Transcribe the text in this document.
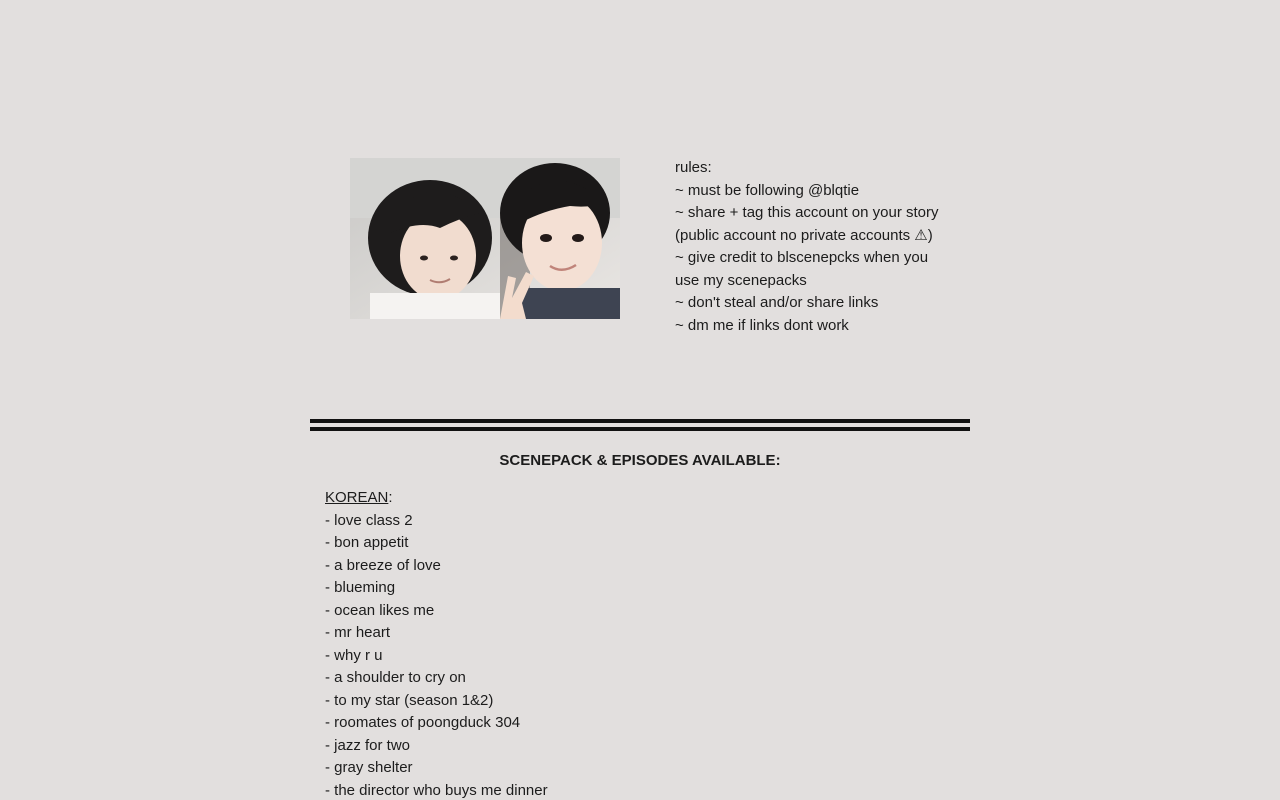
rules:
~ must be following @blqtie
~ share + tag this account on your story (public account no private accounts ⚠)
~ give credit to blscenepcks when you use my scenepacks
~ don't steal and/or share links
~ dm me if links dont work
SCENEPACK & EPISODES AVAILABLE:
KOREAN:
- love class 2
- bon appetit
- a breeze of love
- blueming
- ocean likes me
- mr heart
- why r u
- a shoulder to cry on
- to my star (season 1&2)
- roomates of poongduck 304
- jazz for two
- gray shelter
- the director who buys me dinner
